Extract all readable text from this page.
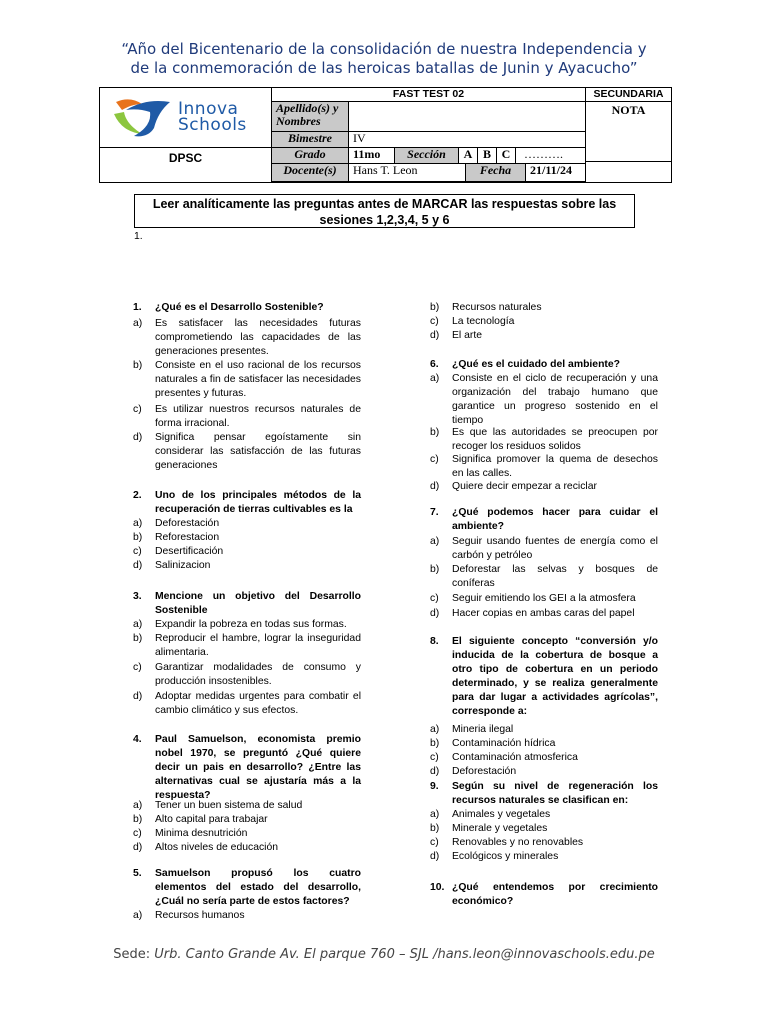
“Año del Bicentenario de la consolidación de nuestra Independencia y
de la conmemoración de las heroicas batallas de Junin y Ayacucho”
Innova
Schools
DPSC
FAST TEST 02	SECUNDARIA
Apellido(s) y Nombres
NOTA
Bimestre	IV
Grado	11mo	Sección	A B C	……….
Docente(s)	Hans T. Leon	Fecha	21/11/24
Leer analíticamente las preguntas antes de MARCAR las respuestas sobre las sesiones 1,2,3,4, 5 y 6
1.
1.	¿Qué es el Desarrollo Sostenible?
a)	Es satisfacer las necesidades futuras comprometiendo las capacidades de las generaciones presentes.
b)	Consiste en el uso racional de los recursos naturales a fin de satisfacer las necesidades presentes y futuras.
c)	Es utilizar nuestros recursos naturales de forma irracional.
d)	Significa pensar egoístamente sin considerar las satisfacción de las futuras generaciones
2.	Uno de los principales métodos de la recuperación de tierras cultivables es la
a)	Deforestación
b)	Reforestacion
c)	Desertificación
d)	Salinizacion
3.	Mencione un objetivo del Desarrollo Sostenible
a)	Expandir la pobreza en todas sus formas.
b)	Reproducir el hambre, lograr la inseguridad alimentaria.
c)	Garantizar modalidades de consumo y producción insostenibles.
d)	Adoptar medidas urgentes para combatir el cambio climático y sus efectos.
4.	Paul Samuelson, economista premio nobel 1970, se preguntó ¿Qué quiere decir un pais en desarrollo? ¿Entre las alternativas cual se ajustaría más a la respuesta?
a)	Tener un buen sistema de salud
b)	Alto capital para trabajar
c)	Minima desnutrición
d)	Altos niveles de educación
5.	Samuelson propusó los cuatro elementos del estado del desarrollo, ¿Cuál no sería parte de estos factores?
a)	Recursos humanos
b)	Recursos naturales
c)	La tecnología
d)	El arte
6.	¿Qué es el cuidado del ambiente?
a)	Consiste en el ciclo de recuperación y una organización del trabajo humano que garantice un progreso sostenido en el tiempo
b)	Es que las autoridades se preocupen por recoger los residuos solidos
c)	Significa promover la quema de desechos en las calles.
d)	Quiere decir empezar a reciclar
7.	¿Qué podemos hacer para cuidar el ambiente?
a)	Seguir usando fuentes de energía como el carbón y petróleo
b)	Deforestar las selvas y bosques de coníferas
c)	Seguir emitiendo los GEI a la atmosfera
d)	Hacer copias en ambas caras del papel
8.	El siguiente concepto “conversión y/o inducida de la cobertura de bosque a otro tipo de cobertura en un periodo determinado, y se realiza generalmente para dar lugar a actividades agrícolas”, corresponde a:
a)	Mineria ilegal
b)	Contaminación hídrica
c)	Contaminación atmosferica
d)	Deforestación
9.	Según su nivel de regeneración los recursos naturales se clasifican en:
a)	Animales y vegetales
b)	Minerale y vegetales
c)	Renovables y no renovables
d)	Ecológicos y minerales
10. ¿Qué entendemos por crecimiento económico?
Sede: Urb. Canto Grande Av. El parque 760 – SJL /hans.leon@innovaschools.edu.pe
